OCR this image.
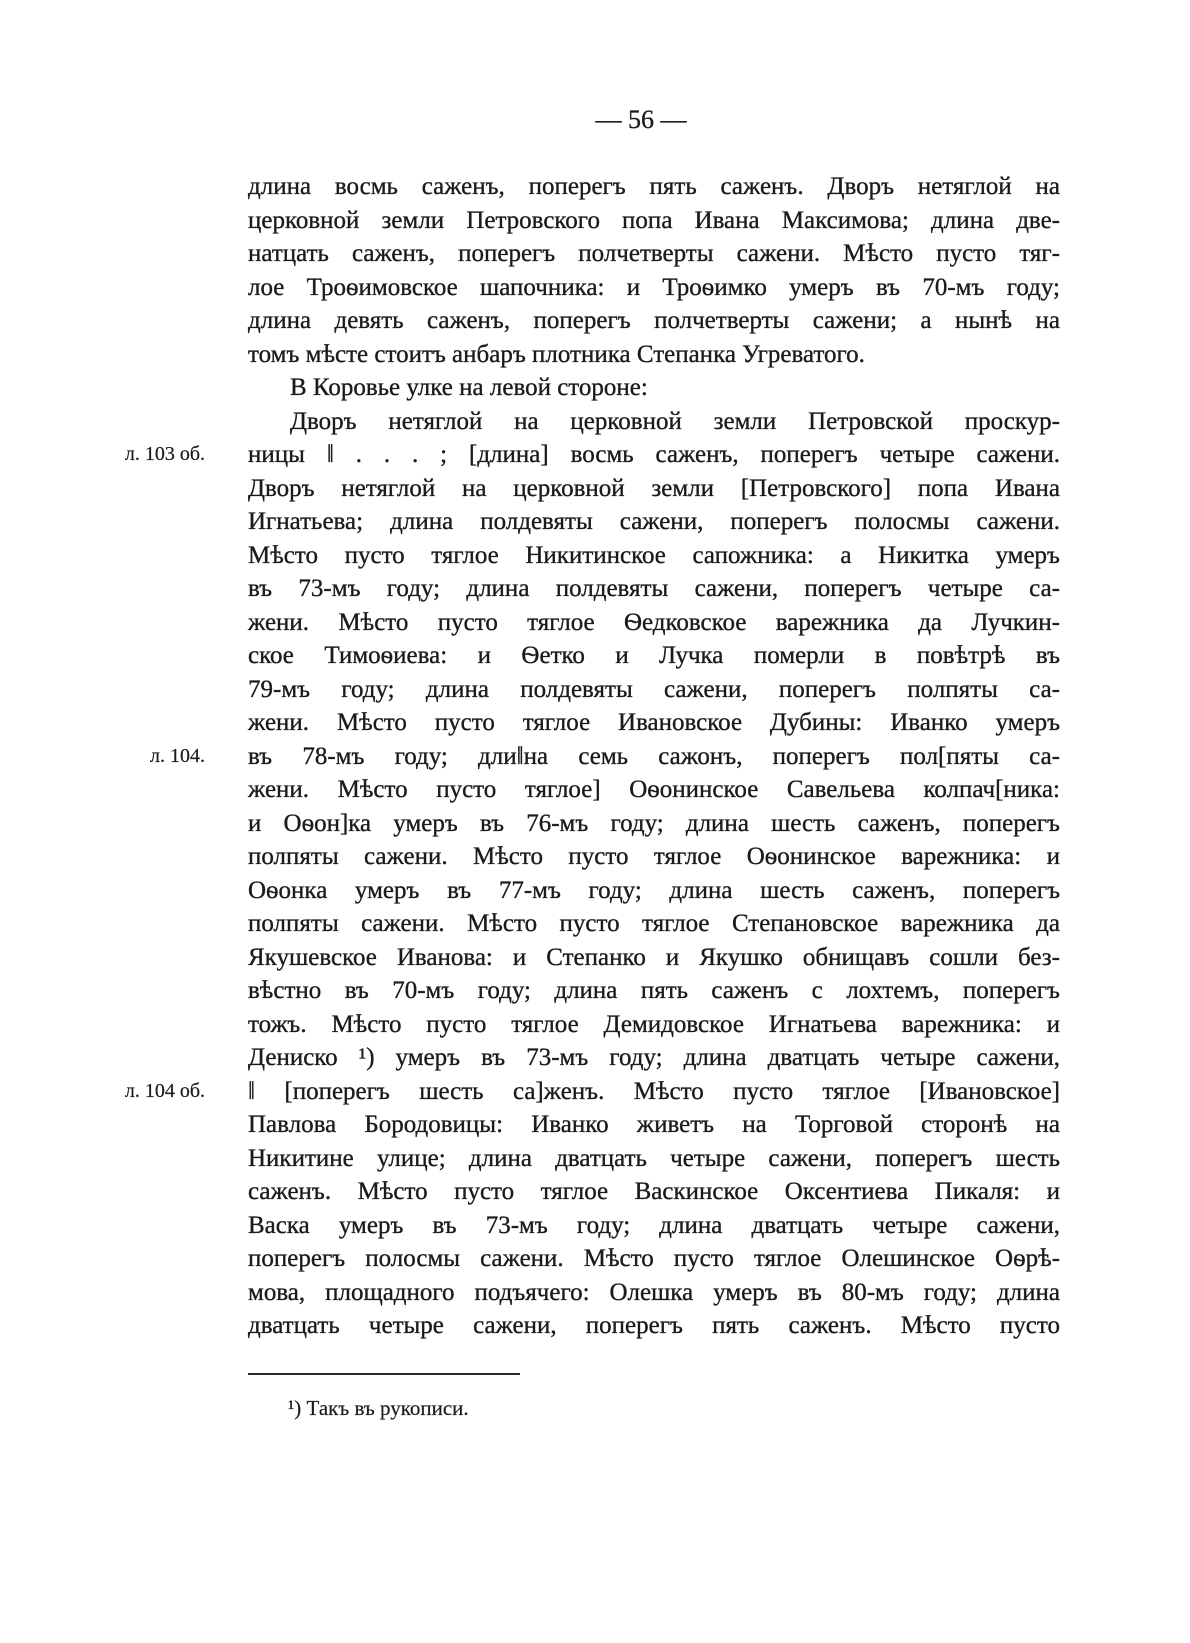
— 56 —
длина восмь саженъ, поперегъ пять саженъ. Дворъ нетяглой на
церковной земли Петровского попа Ивана Максимова; длина две-
натцать саженъ, поперегъ полчетверты сажени. Мѣсто пусто тяг-
лое Троѳимовское шапочника: и Троѳимко умеръ въ 70-мъ году;
длина девять саженъ, поперегъ полчетверты сажени; а нынѣ на
томъ мѣсте стоитъ анбаръ плотника Степанка Угреватого.
В Коровье улке на левой стороне:
Дворъ нетяглой на церковной земли Петровской проскур-
л. 103 об. ницы ‖ . . . ; [длина] восмь саженъ, поперегъ четыре сажени.
Дворъ нетяглой на церковной земли [Петровского] попа Ивана
Игнатьева; длина полдевяты сажени, поперегъ полосмы сажени.
Мѣсто пусто тяглое Никитинское сапожника: а Никитка умеръ
въ 73-мъ году; длина полдевяты сажени, поперегъ четыре са-
жени. Мѣсто пусто тяглое Ѳедковское варежника да Лучкин-
ское Тимоѳиева: и Ѳетко и Лучка померли в повѣтрѣ въ
79-мъ году; длина полдевяты сажени, поперегъ полпяты са-
жени. Мѣсто пусто тяглое Ивановское Дубины: Иванко умеръ
л. 104. въ 78-мъ году; дли‖на семь сажонъ, поперегъ пол[пяты са-
жени. Мѣсто пусто тяглое] Оѳонинское Савельева колпач[ника:
и Оѳон]ка умеръ въ 76-мъ году; длина шесть саженъ, поперегъ
полпяты сажени. Мѣсто пусто тяглое Оѳонинское варежника: и
Оѳонка умеръ въ 77-мъ году; длина шесть саженъ, поперегъ
полпяты сажени. Мѣсто пусто тяглое Степановское варежника да
Якушевское Иванова: и Степанко и Якушко обнищавъ сошли без-
вѣстно въ 70-мъ году; длина пять саженъ с лохтемъ, поперегъ
тожъ. Мѣсто пусто тяглое Демидовское Игнатьева варежника: и
Дениско ¹) умеръ въ 73-мъ году; длина дватцать четыре сажени,
л. 104 об. ‖ [поперегъ шесть са]женъ. Мѣсто пусто тяглое [Ивановское]
Павлова Бородовицы: Иванко живетъ на Торговой сторонѣ на
Никитине улице; длина дватцать четыре сажени, поперегъ шесть
саженъ. Мѣсто пусто тяглое Васкинское Оксентиева Пикаля: и
Васка умеръ въ 73-мъ году; длина дватцать четыре сажени,
поперегъ полосмы сажени. Мѣсто пусто тяглое Олешинское Оѳрѣ-
мова, площадного подъячего: Олешка умеръ въ 80-мъ году; длина
дватцать четыре сажени, поперегъ пять саженъ. Мѣсто пусто
¹) Такъ въ рукописи.
